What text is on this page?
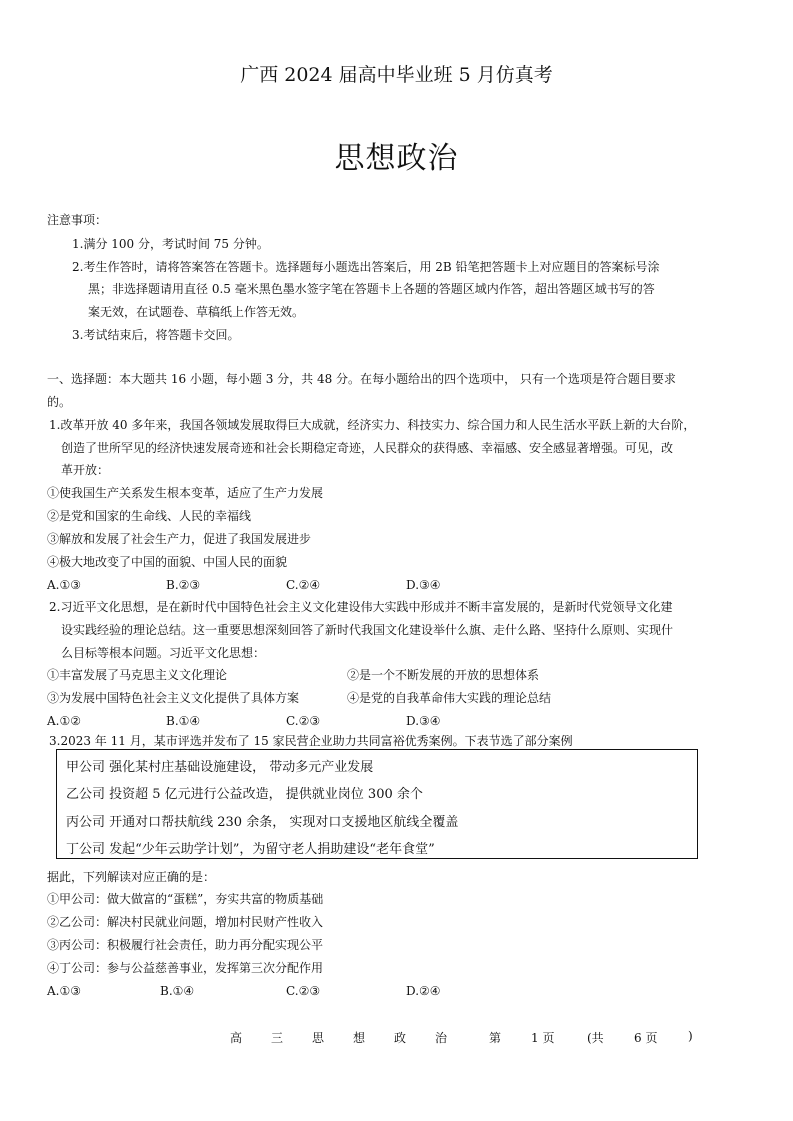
广西 2024 届高中毕业班 5 月仿真考
思想政治
注意事项：
1.满分 100 分，考试时间 75 分钟。
2.考生作答时，请将答案答在答题卡。选择题每小题选出答案后，用 2B 铅笔把答题卡上对应题目的答案标号涂
黑；非选择题请用直径 0.5 毫米黑色墨水签字笔在答题卡上各题的答题区域内作答，超出答题区域书写的答
案无效，在试题卷、草稿纸上作答无效。
3.考试结束后，将答题卡交回。
一、选择题：本大题共 16 小题，每小题 3 分，共 48 分。在每小题给出的四个选项中， 只有一个选项是符合题目要求
的。
1.改革开放 40 多年来，我国各领域发展取得巨大成就，经济实力、科技实力、综合国力和人民生活水平跃上新的大台阶，
创造了世所罕见的经济快速发展奇迹和社会长期稳定奇迹，人民群众的获得感、幸福感、安全感显著增强。可见，改
革开放：
①使我国生产关系发生根本变革，适应了生产力发展
②是党和国家的生命线、人民的幸福线
③解放和发展了社会生产力，促进了我国发展进步
④极大地改变了中国的面貌、中国人民的面貌
A.①③	B.②③	C.②④	D.③④
2.习近平文化思想，是在新时代中国特色社会主义文化建设伟大实践中形成并不断丰富发展的，是新时代党领导文化建
设实践经验的理论总结。这一重要思想深刻回答了新时代我国文化建设举什么旗、走什么路、坚持什么原则、实现什
么目标等根本问题。习近平文化思想：
①丰富发展了马克思主义文化理论	②是一个不断发展的开放的思想体系
③为发展中国特色社会主义文化提供了具体方案	④是党的自我革命伟大实践的理论总结
A.①②	B.①④	C.②③	D.③④
3.2023 年 11 月，某市评选并发布了 15 家民营企业助力共同富裕优秀案例。下表节选了部分案例
甲公司 强化某村庄基础设施建设， 带动多元产业发展
乙公司 投资超 5 亿元进行公益改造， 提供就业岗位 300 余个
丙公司 开通对口帮扶航线 230 余条， 实现对口支援地区航线全覆盖
丁公司 发起“少年云助学计划”，为留守老人捐助建设“老年食堂”
据此，下列解读对应正确的是：
①甲公司：做大做富的“蛋糕”，夯实共富的物质基础
②乙公司：解决村民就业问题，增加村民财产性收入
③丙公司：积极履行社会责任，助力再分配实现公平
④丁公司：参与公益慈善事业，发挥第三次分配作用
A.①③	B.①④	C.②③	D.②④
高 三 思 想 政 治	第 1 页	(共	6 页	)
